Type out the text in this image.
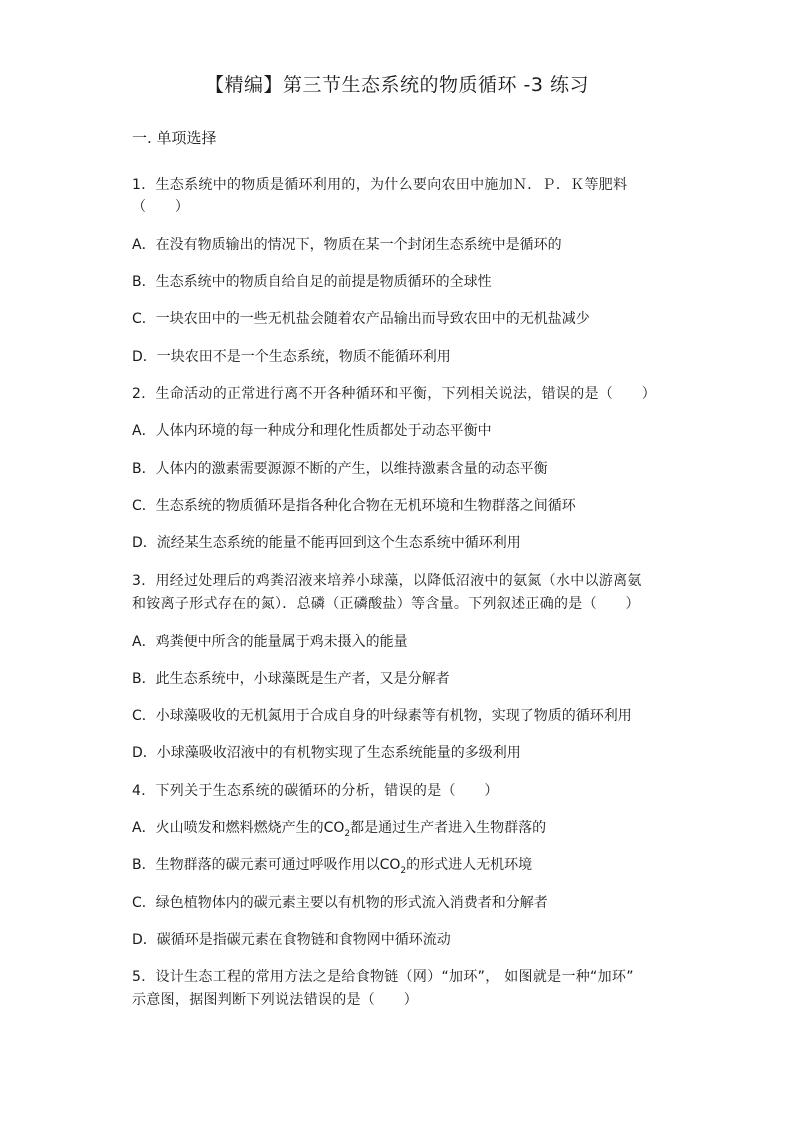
【精编】第三节生态系统的物质循环 -3 练习
一. 单项选择
1．生态系统中的物质是循环利用的，为什么要向农田中施加Ｎ．Ｐ．Ｋ等肥料
（　　）
A．在没有物质输出的情况下，物质在某一个封闭生态系统中是循环的
B．生态系统中的物质自给自足的前提是物质循环的全球性
C．一块农田中的一些无机盐会随着农产品输出而导致农田中的无机盐减少
D．一块农田不是一个生态系统，物质不能循环利用
2．生命活动的正常进行离不开各种循环和平衡，下列相关说法，错误的是（　　）
A．人体内环境的每一种成分和理化性质都处于动态平衡中
B．人体内的激素需要源源不断的产生，以维持激素含量的动态平衡
C．生态系统的物质循环是指各种化合物在无机环境和生物群落之间循环
D．流经某生态系统的能量不能再回到这个生态系统中循环利用
3．用经过处理后的鸡粪沼液来培养小球藻，以降低沼液中的氨氮（水中以游离氨
和铵离子形式存在的氮）．总磷（正磷酸盐）等含量。下列叙述正确的是（　　）
A．鸡粪便中所含的能量属于鸡未摄入的能量
B．此生态系统中，小球藻既是生产者，又是分解者
C．小球藻吸收的无机氮用于合成自身的叶绿素等有机物，实现了物质的循环利用
D．小球藻吸收沼液中的有机物实现了生态系统能量的多级利用
4．下列关于生态系统的碳循环的分析，错误的是（　　）
A．火山喷发和燃料燃烧产生的$CO_2$都是通过生产者进入生物群落的
B．生物群落的碳元素可通过呼吸作用以$CO_2$的形式进人无机环境
C．绿色植物体内的碳元素主要以有机物的形式流入消费者和分解者
D．碳循环是指碳元素在食物链和食物网中循环流动
5．设计生态工程的常用方法之是给食物链（网）“加环”， 如图就是一种“加环”
示意图，据图判断下列说法错误的是（　　）
